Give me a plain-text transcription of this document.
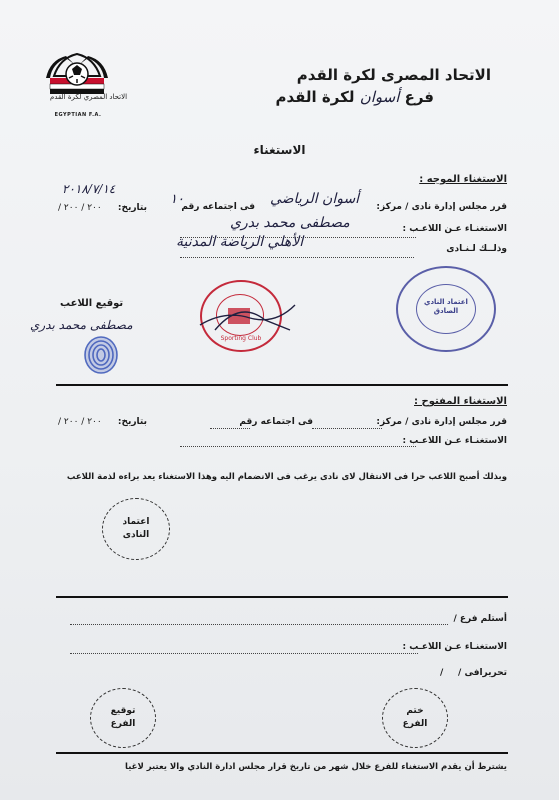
الاتحاد المصري لكرة القدم
EGYPTIAN F.A.
الاتحاد المصرى لكرة القدم
فرع أسوان لكرة القدم
الاستغناء
الاستغناء الموجه :
قرر مجلس إدارة نادى / مركز:
أسوان الرياضي
فى اجتماعه رقم
١٠
بتاريخ:
/ ٢٠٠ / ٢٠٠
٢٠١٨/٧/١٤
الاستغنـاء عـن اللاعـب :
مصطفى محمد بدري
وذلــك لـنـادى
الأهلي الرياضة المدنية
توقيع اللاعب
مصطفى محمد بدري
Sporting Club
اعتماد النادي الصادق
الاستغناء المفتوح :
قرر مجلس إدارة نادى / مركز:
فى اجتماعه رقم
بتاريخ:
/ ٢٠٠ / ٢٠٠
الاستغنـاء عـن اللاعـب :
وبذلك أصبح اللاعب حرا فى الانتقال لاى نادى يرغب فى الانضمام اليه وهذا الاستغناء يعد براءه لذمة اللاعب
اعتماد
النادى
أستلم فرع /
الاستغنـاء عـن اللاعـب :
تحريرافى /
/
توقيع
الفرع
ختم
الفرع
يشترط أن يقدم الاستغناء للفرع خلال شهر من تاريخ قرار مجلس ادارة النادي والا يعتبر لاغيا
